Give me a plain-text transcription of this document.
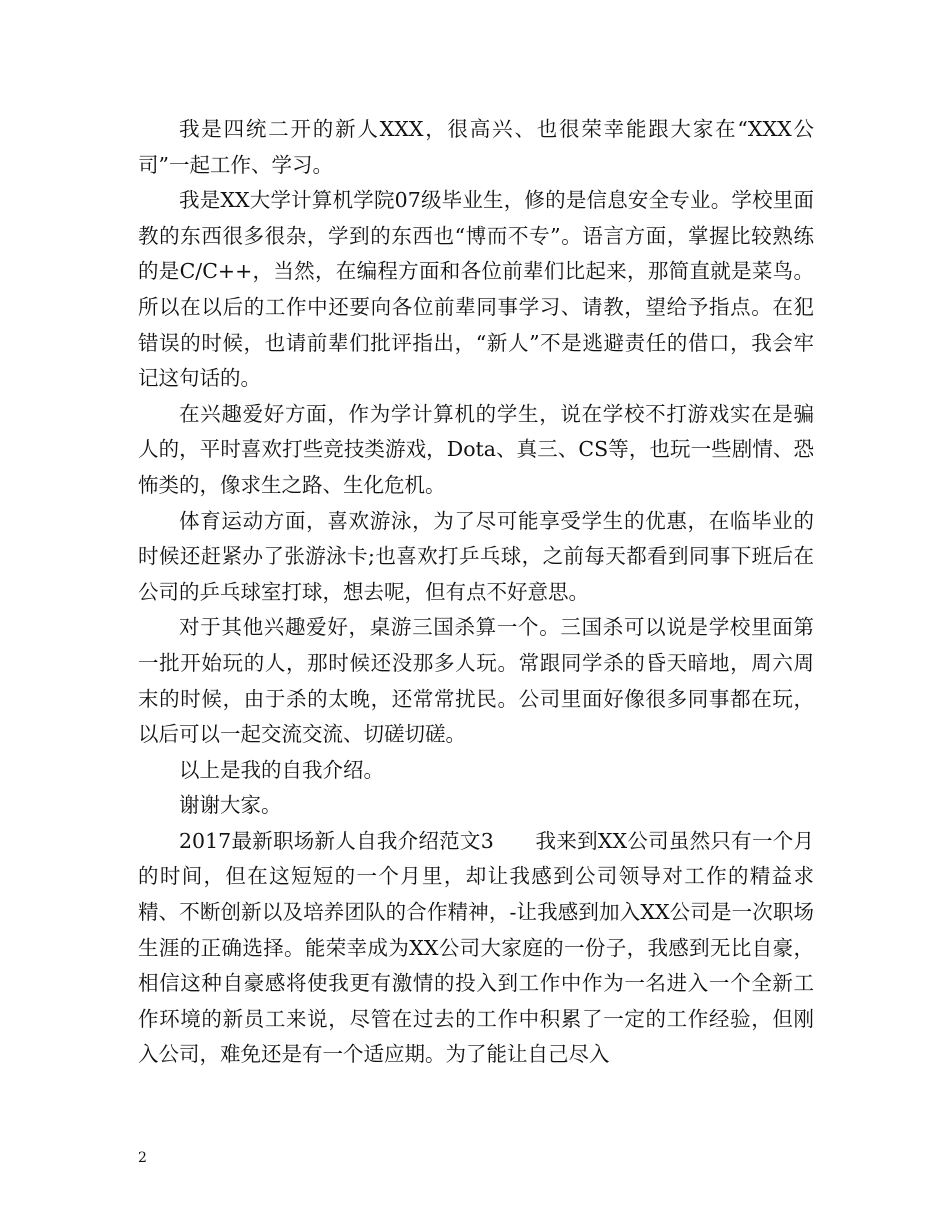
我是四统二开的新人XXX，很高兴、也很荣幸能跟大家在“XXX公司”一起工作、学习。

我是XX大学计算机学院07级毕业生，修的是信息安全专业。学校里面教的东西很多很杂，学到的东西也“博而不专”。语言方面，掌握比较熟练的是C/C++，当然，在编程方面和各位前辈们比起来，那简直就是菜鸟。所以在以后的工作中还要向各位前辈同事学习、请教，望给予指点。在犯错误的时候，也请前辈们批评指出，“新人”不是逃避责任的借口，我会牢记这句话的。

在兴趣爱好方面，作为学计算机的学生，说在学校不打游戏实在是骗人的，平时喜欢打些竞技类游戏，Dota、真三、CS等，也玩一些剧情、恐怖类的，像求生之路、生化危机。

体育运动方面，喜欢游泳，为了尽可能享受学生的优惠，在临毕业的时候还赶紧办了张游泳卡;也喜欢打乒乓球，之前每天都看到同事下班后在公司的乒乓球室打球，想去呢，但有点不好意思。

对于其他兴趣爱好，桌游三国杀算一个。三国杀可以说是学校里面第一批开始玩的人，那时候还没那多人玩。常跟同学杀的昏天暗地，周六周末的时候，由于杀的太晚，还常常扰民。公司里面好像很多同事都在玩，以后可以一起交流交流、切磋切磋。

以上是我的自我介绍。

谢谢大家。

2017最新职场新人自我介绍范文3　　我来到XX公司虽然只有一个月的时间，但在这短短的一个月里，却让我感到公司领导对工作的精益求精、不断创新以及培养团队的合作精神，-让我感到加入XX公司是一次职场生涯的正确选择。能荣幸成为XX公司大家庭的一份子，我感到无比自豪，相信这种自豪感将使我更有激情的投入到工作中作为一名进入一个全新工作环境的新员工来说，尽管在过去的工作中积累了一定的工作经验，但刚入公司，难免还是有一个适应期。为了能让自己尽入

2
